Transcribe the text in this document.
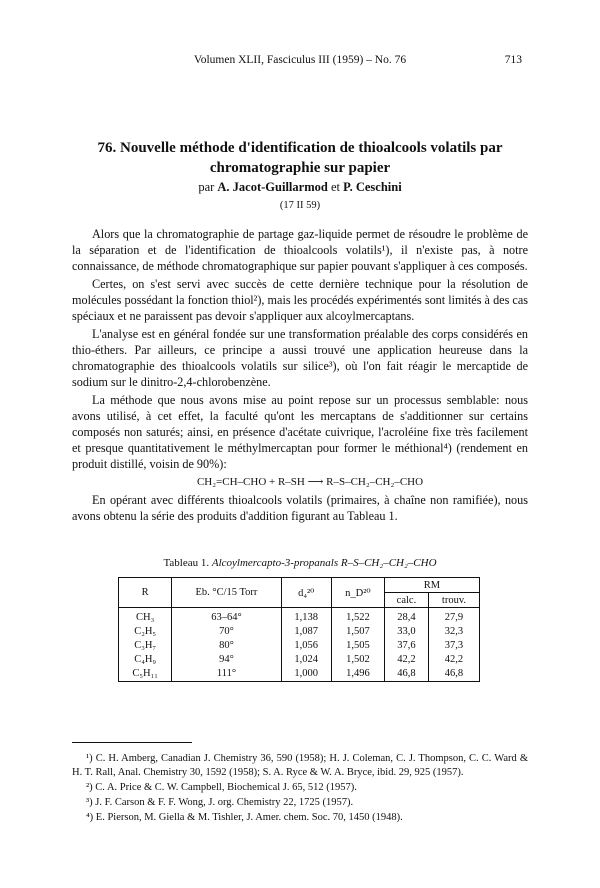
Volumen XLII, Fasciculus III (1959) – No. 76	713
76. Nouvelle méthode d'identification de thioalcools volatils par chromatographie sur papier
par A. Jacot-Guillarmod et P. Ceschini
(17 II 59)

Alors que la chromatographie de partage gaz-liquide permet de résoudre le problème de la séparation et de l'identification de thioalcools volatils¹), il n'existe pas, à notre connaissance, de méthode chromatographique sur papier pouvant s'appliquer à ces composés.

Certes, on s'est servi avec succès de cette dernière technique pour la résolution de molécules possédant la fonction thiol²), mais les procédés expérimentés sont limités à des cas spéciaux et ne paraissent pas devoir s'appliquer aux alcoylmercaptans.

L'analyse est en général fondée sur une transformation préalable des corps considérés en thio-éthers. Par ailleurs, ce principe a aussi trouvé une application heureuse dans la chromatographie des thioalcools volatils sur silice³), où l'on fait réagir le mercaptide de sodium sur le dinitro-2,4-chlorobenzène.

La méthode que nous avons mise au point repose sur un processus semblable: nous avons utilisé, à cet effet, la faculté qu'ont les mercaptans de s'additionner sur certains composés non saturés; ainsi, en présence d'acétate cuivrique, l'acroléine fixe très facilement et presque quantitativement le méthylmercaptan pour former le méthional⁴) (rendement en produit distillé, voisin de 90%):

CH₂=CH–CHO + R–SH ⟶ R–S–CH₂–CH₂–CHO

En opérant avec différents thioalcools volatils (primaires, à chaîne non ramifiée), nous avons obtenu la série des produits d'addition figurant au Tableau 1.

Tableau 1. Alcoylmercapto-3-propanals R–S–CH₂–CH₂–CHO
R	Eb. °C/15 Torr	d₄²⁰	n_D²⁰	RM	
				calc.	trouv.
CH₃	63–64°	1,138	1,522	28,4	27,9
C₂H₅	70°	1,087	1,507	33,0	32,3
C₃H₇	80°	1,056	1,505	37,6	37,3
C₄H₉	94°	1,024	1,502	42,2	42,2
C₅H₁₁	111°	1,000	1,496	46,8	46,8

¹) C. H. Amberg, Canadian J. Chemistry 36, 590 (1958); H. J. Coleman, C. J. Thompson, C. C. Ward & H. T. Rall, Anal. Chemistry 30, 1592 (1958); S. A. Ryce & W. A. Bryce, ibid. 29, 925 (1957).

²) C. A. Price & C. W. Campbell, Biochemical J. 65, 512 (1957).

³) J. F. Carson & F. F. Wong, J. org. Chemistry 22, 1725 (1957).

⁴) E. Pierson, M. Giella & M. Tishler, J. Amer. chem. Soc. 70, 1450 (1948).
